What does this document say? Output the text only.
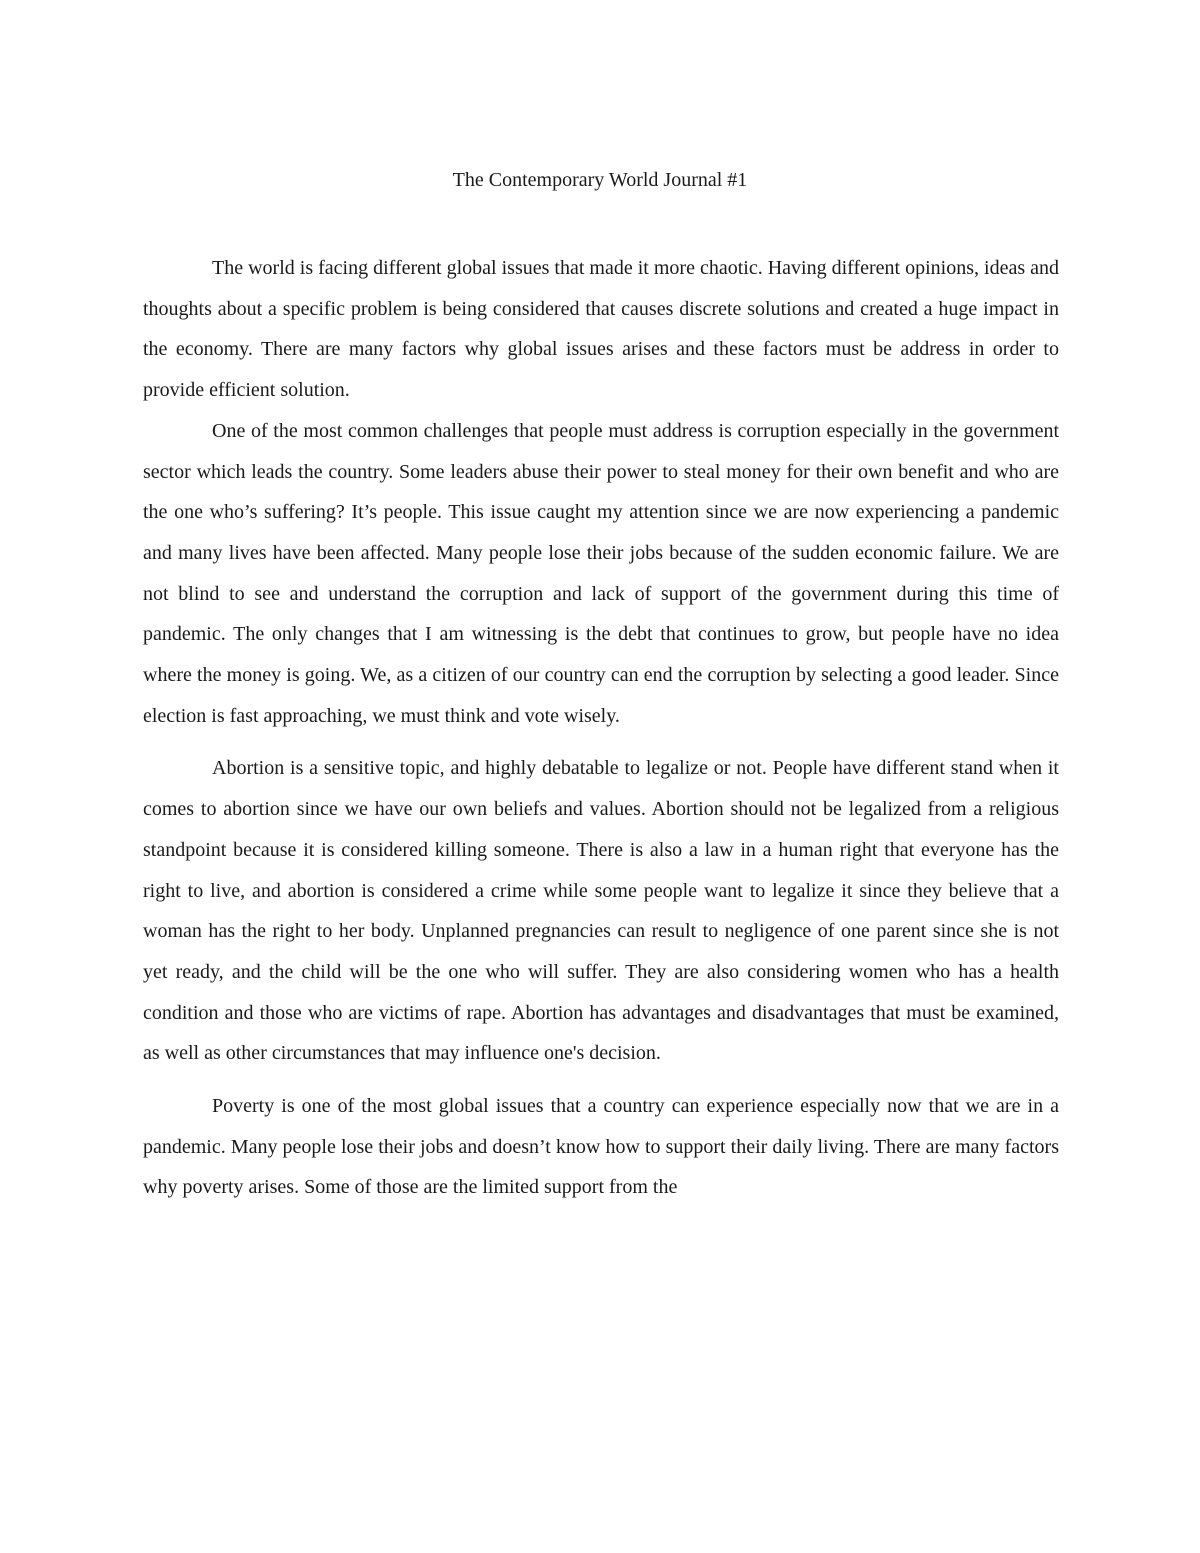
The Contemporary World Journal #1

The world is facing different global issues that made it more chaotic. Having different opinions, ideas and thoughts about a specific problem is being considered that causes discrete solutions and created a huge impact in the economy. There are many factors why global issues arises and these factors must be address in order to provide efficient solution.

One of the most common challenges that people must address is corruption especially in the government sector which leads the country. Some leaders abuse their power to steal money for their own benefit and who are the one who’s suffering? It’s people. This issue caught my attention since we are now experiencing a pandemic and many lives have been affected. Many people lose their jobs because of the sudden economic failure. We are not blind to see and understand the corruption and lack of support of the government during this time of pandemic. The only changes that I am witnessing is the debt that continues to grow, but people have no idea where the money is going. We, as a citizen of our country can end the corruption by selecting a good leader. Since election is fast approaching, we must think and vote wisely.

Abortion is a sensitive topic, and highly debatable to legalize or not. People have different stand when it comes to abortion since we have our own beliefs and values. Abortion should not be legalized from a religious standpoint because it is considered killing someone. There is also a law in a human right that everyone has the right to live, and abortion is considered a crime while some people want to legalize it since they believe that a woman has the right to her body. Unplanned pregnancies can result to negligence of one parent since she is not yet ready, and the child will be the one who will suffer. They are also considering women who has a health condition and those who are victims of rape. Abortion has advantages and disadvantages that must be examined, as well as other circumstances that may influence one's decision.

Poverty is one of the most global issues that a country can experience especially now that we are in a pandemic. Many people lose their jobs and doesn’t know how to support their daily living. There are many factors why poverty arises. Some of those are the limited support from the
